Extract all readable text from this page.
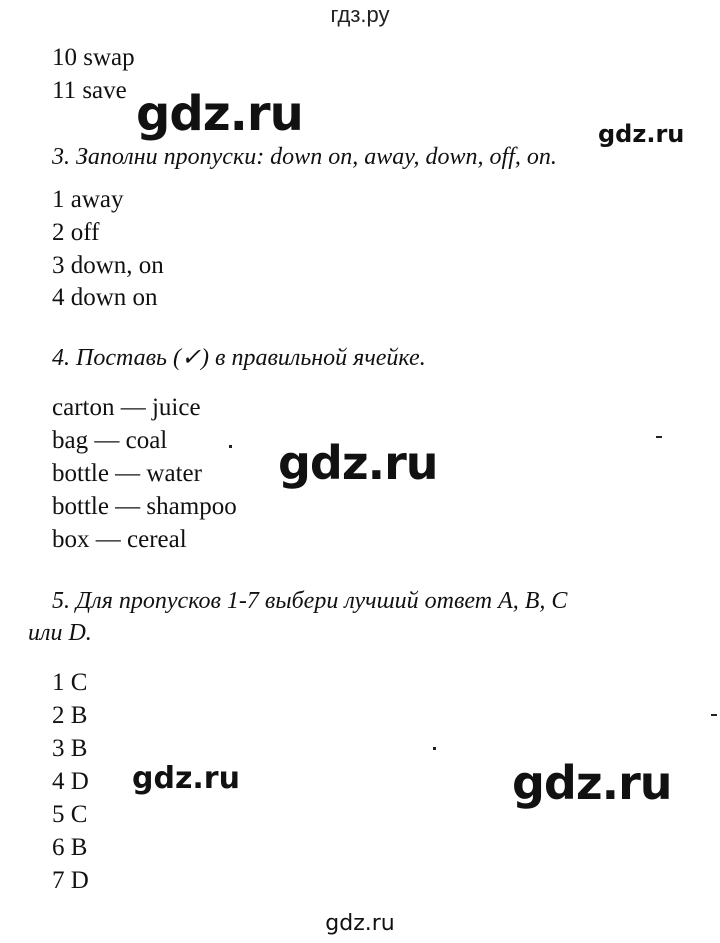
гдз.ру
10 swap
11 save gdz.ru	gdz.ru
3. Заполни пропуски: down on, away, down, off, on.
1 away
2 off
3 down, on
4 down on
4. Поставь (✓) в правильной ячейке.
carton — juice
bag — coal
bottle — water
bottle — shampoo
box — cereal
gdz.ru
5. Для пропусков 1-7 выбери лучший ответ A, B, C
или D.
1 C
2 B
3 B
4 D
5 C
6 B
7 D
gdz.ru	gdz.ru
gdz.ru
